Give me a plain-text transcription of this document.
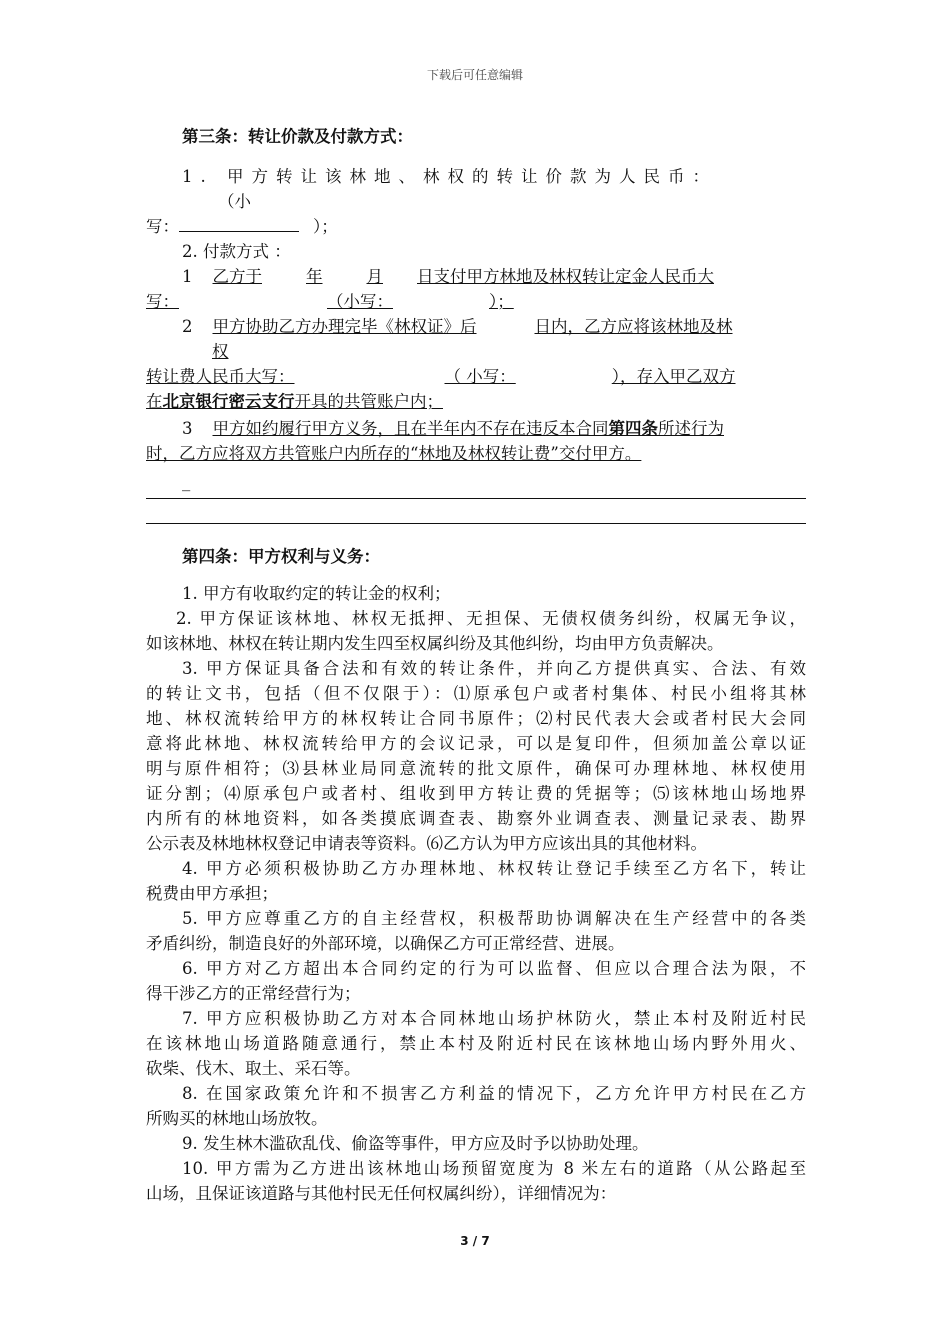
下载后可任意编辑
第三条：转让价款及付款方式：
1. 甲方转让该林地、林权的转让价款为人民币：
（小
写：	）；
2. 付款方式 ：
1 乙方于	年	月 日支付甲方林地及林权转让定金人民币大
写：	（小写：	）；
2 甲方协助乙方办理完毕《林权证》后	日内，乙方应将该林地及林
权
转让费人民币大写：	（ 小写：	），存入甲乙双方
在北京银行密云支行开具的共管账户内；
3 甲方如约履行甲方义务，且在半年内不存在违反本合同第四条所述行为
时，乙方应将双方共管账户内所存的“林地及林权转让费”交付甲方。
_
第四条：甲方权利与义务：
1. 甲方有收取约定的转让金的权利；
2. 甲方保证该林地、林权无抵押、无担保、无债权债务纠纷，权属无争议，
如该林地、林权在转让期内发生四至权属纠纷及其他纠纷，均由甲方负责解决。
3. 甲方保证具备合法和有效的转让条件，并向乙方提供真实、合法、有效
的转让文书，包括（但不仅限于）：⑴原承包户或者村集体、村民小组将其林
地、林权流转给甲方的林权转让合同书原件；⑵村民代表大会或者村民大会同
意将此林地、林权流转给甲方的会议记录，可以是复印件，但须加盖公章以证
明与原件相符；⑶县林业局同意流转的批文原件，确保可办理林地、林权使用
证分割；⑷原承包户或者村、组收到甲方转让费的凭据等；⑸该林地山场地界
内所有的林地资料，如各类摸底调查表、勘察外业调查表、测量记录表、勘界
公示表及林地林权登记申请表等资料。⑹乙方认为甲方应该出具的其他材料。
4. 甲方必须积极协助乙方办理林地、林权转让登记手续至乙方名下，转让
税费由甲方承担；
5. 甲方应尊重乙方的自主经营权，积极帮助协调解决在生产经营中的各类
矛盾纠纷，制造良好的外部环境，以确保乙方可正常经营、进展。
6. 甲方对乙方超出本合同约定的行为可以监督、但应以合理合法为限，不
得干涉乙方的正常经营行为；
7. 甲方应积极协助乙方对本合同林地山场护林防火，禁止本村及附近村民
在该林地山场道路随意通行，禁止本村及附近村民在该林地山场内野外用火、
砍柴、伐木、取土、采石等。
8. 在国家政策允许和不损害乙方利益的情况下，乙方允许甲方村民在乙方
所购买的林地山场放牧。
9. 发生林木滥砍乱伐、偷盗等事件，甲方应及时予以协助处理。
10. 甲方需为乙方进出该林地山场预留宽度为 8 米左右的道路（从公路起至
山场，且保证该道路与其他村民无任何权属纠纷），详细情况为：
3 / 7
